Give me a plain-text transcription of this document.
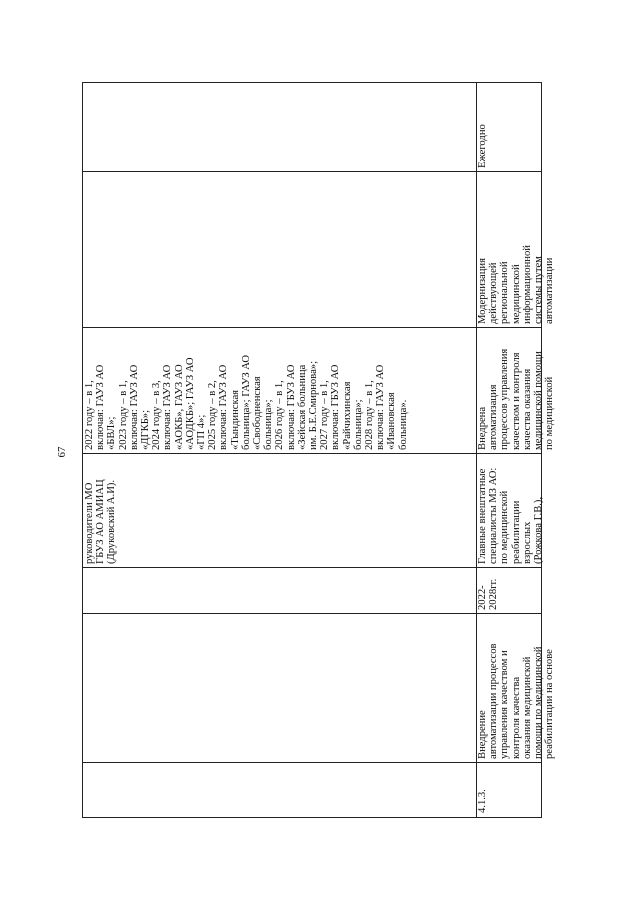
67
руководители МО
ГБУЗ АО АМИАЦ
(Друковский А.И).
2022 году – в 1,
включая: ГАУЗ АО
«БВЛ»;
2023 году – в 1,
включая: ГАУЗ АО
«ДГКБ»;
2024 году – в 3,
включая: ГАУЗ АО
«АОКБ», ГАУЗ АО
«АОДКБ»; ГАУЗ АО
«ГП 4»;
2025 году – в 2,
включая: ГАУЗ АО
«Тындинская
больница»; ГАУЗ АО
«Свободненская
больница»;
2026 году – в 1,
включая: ГБУЗ АО
«Зейская больница
им. Б.Е.Смирнова»;
2027 году – в 1,
включая: ГБУЗ АО
«Райчихинская
больница»;
2028 году – в 1,
включая: ГАУЗ АО
«Ивановская
больница».
4.1.3.
Внедрение
автоматизации процессов
управления качеством и
контроля качества
оказания медицинской
помощи по медицинской
реабилитации на основе
2022-
2028гг.
Главные внештатные
специалисты МЗ АО:
по медицинской
реабилитации
взрослых
(Рожкова Г.В.),
Внедрена
автоматизация
процессов управления
качеством и контроля
качества оказания
медицинской помощи
по медицинской
Модернизация
действующей
региональной
медицинской
информационной
системы путем
автоматизации
Ежегодно
